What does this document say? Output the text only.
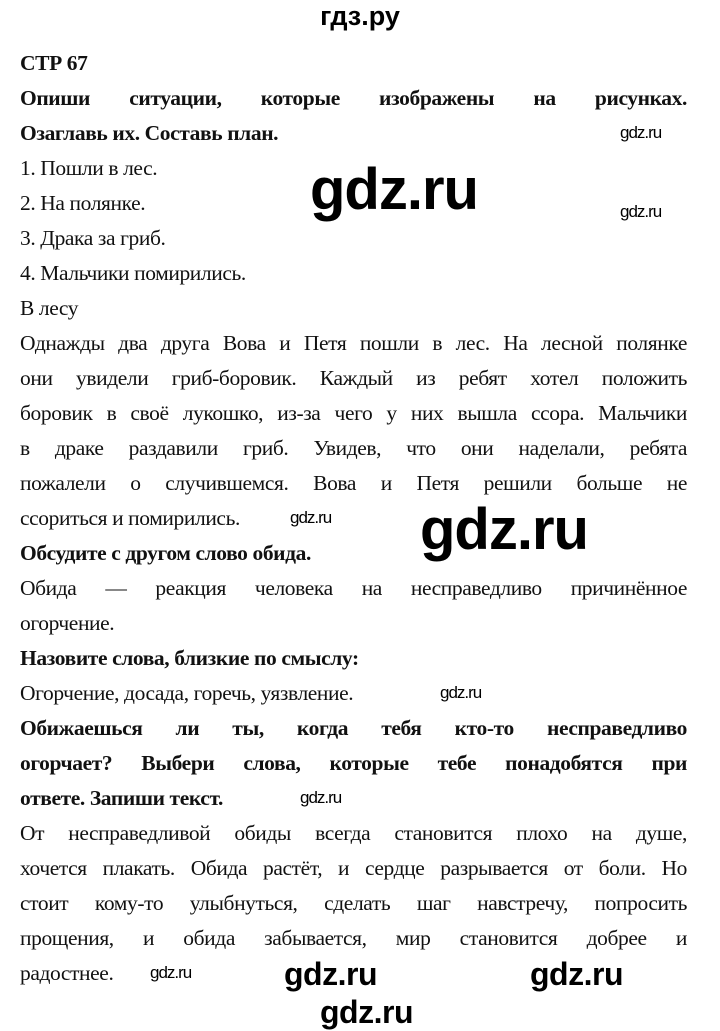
гдз.ру
СТР 67
Опиши ситуации, которые изображены на рисунках.
Озаглавь их. Составь план.
1. Пошли в лес.
2. На полянке.
3. Драка за гриб.
4. Мальчики помирились.
В лесу
Однажды два друга Вова и Петя пошли в лес. На лесной полянке
они увидели гриб-боровик. Каждый из ребят хотел положить
боровик в своё лукошко, из-за чего у них вышла ссора. Мальчики
в драке раздавили гриб. Увидев, что они наделали, ребята
пожалели о случившемся. Вова и Петя решили больше не
ссориться и помирились.
Обсудите с другом слово обида.
Обида — реакция человека на несправедливо причинённое
огорчение.
Назовите слова, близкие по смыслу:
Огорчение, досада, горечь, уязвление.
Обижаешься ли ты, когда тебя кто-то несправедливо
огорчает? Выбери слова, которые тебе понадобятся при
ответе. Запиши текст.
От несправедливой обиды всегда становится плохо на душе,
хочется плакать. Обида растёт, и сердце разрывается от боли. Но
стоит кому-то улыбнуться, сделать шаг навстречу, попросить
прощения, и обида забывается, мир становится добрее и
радостнее.
gdz.ru
gdz.ru
gdz.ru
gdz.ru
gdz.ru
gdz.ru
gdz.ru
gdz.ru	gdz.ru	gdz.ru
gdz.ru
